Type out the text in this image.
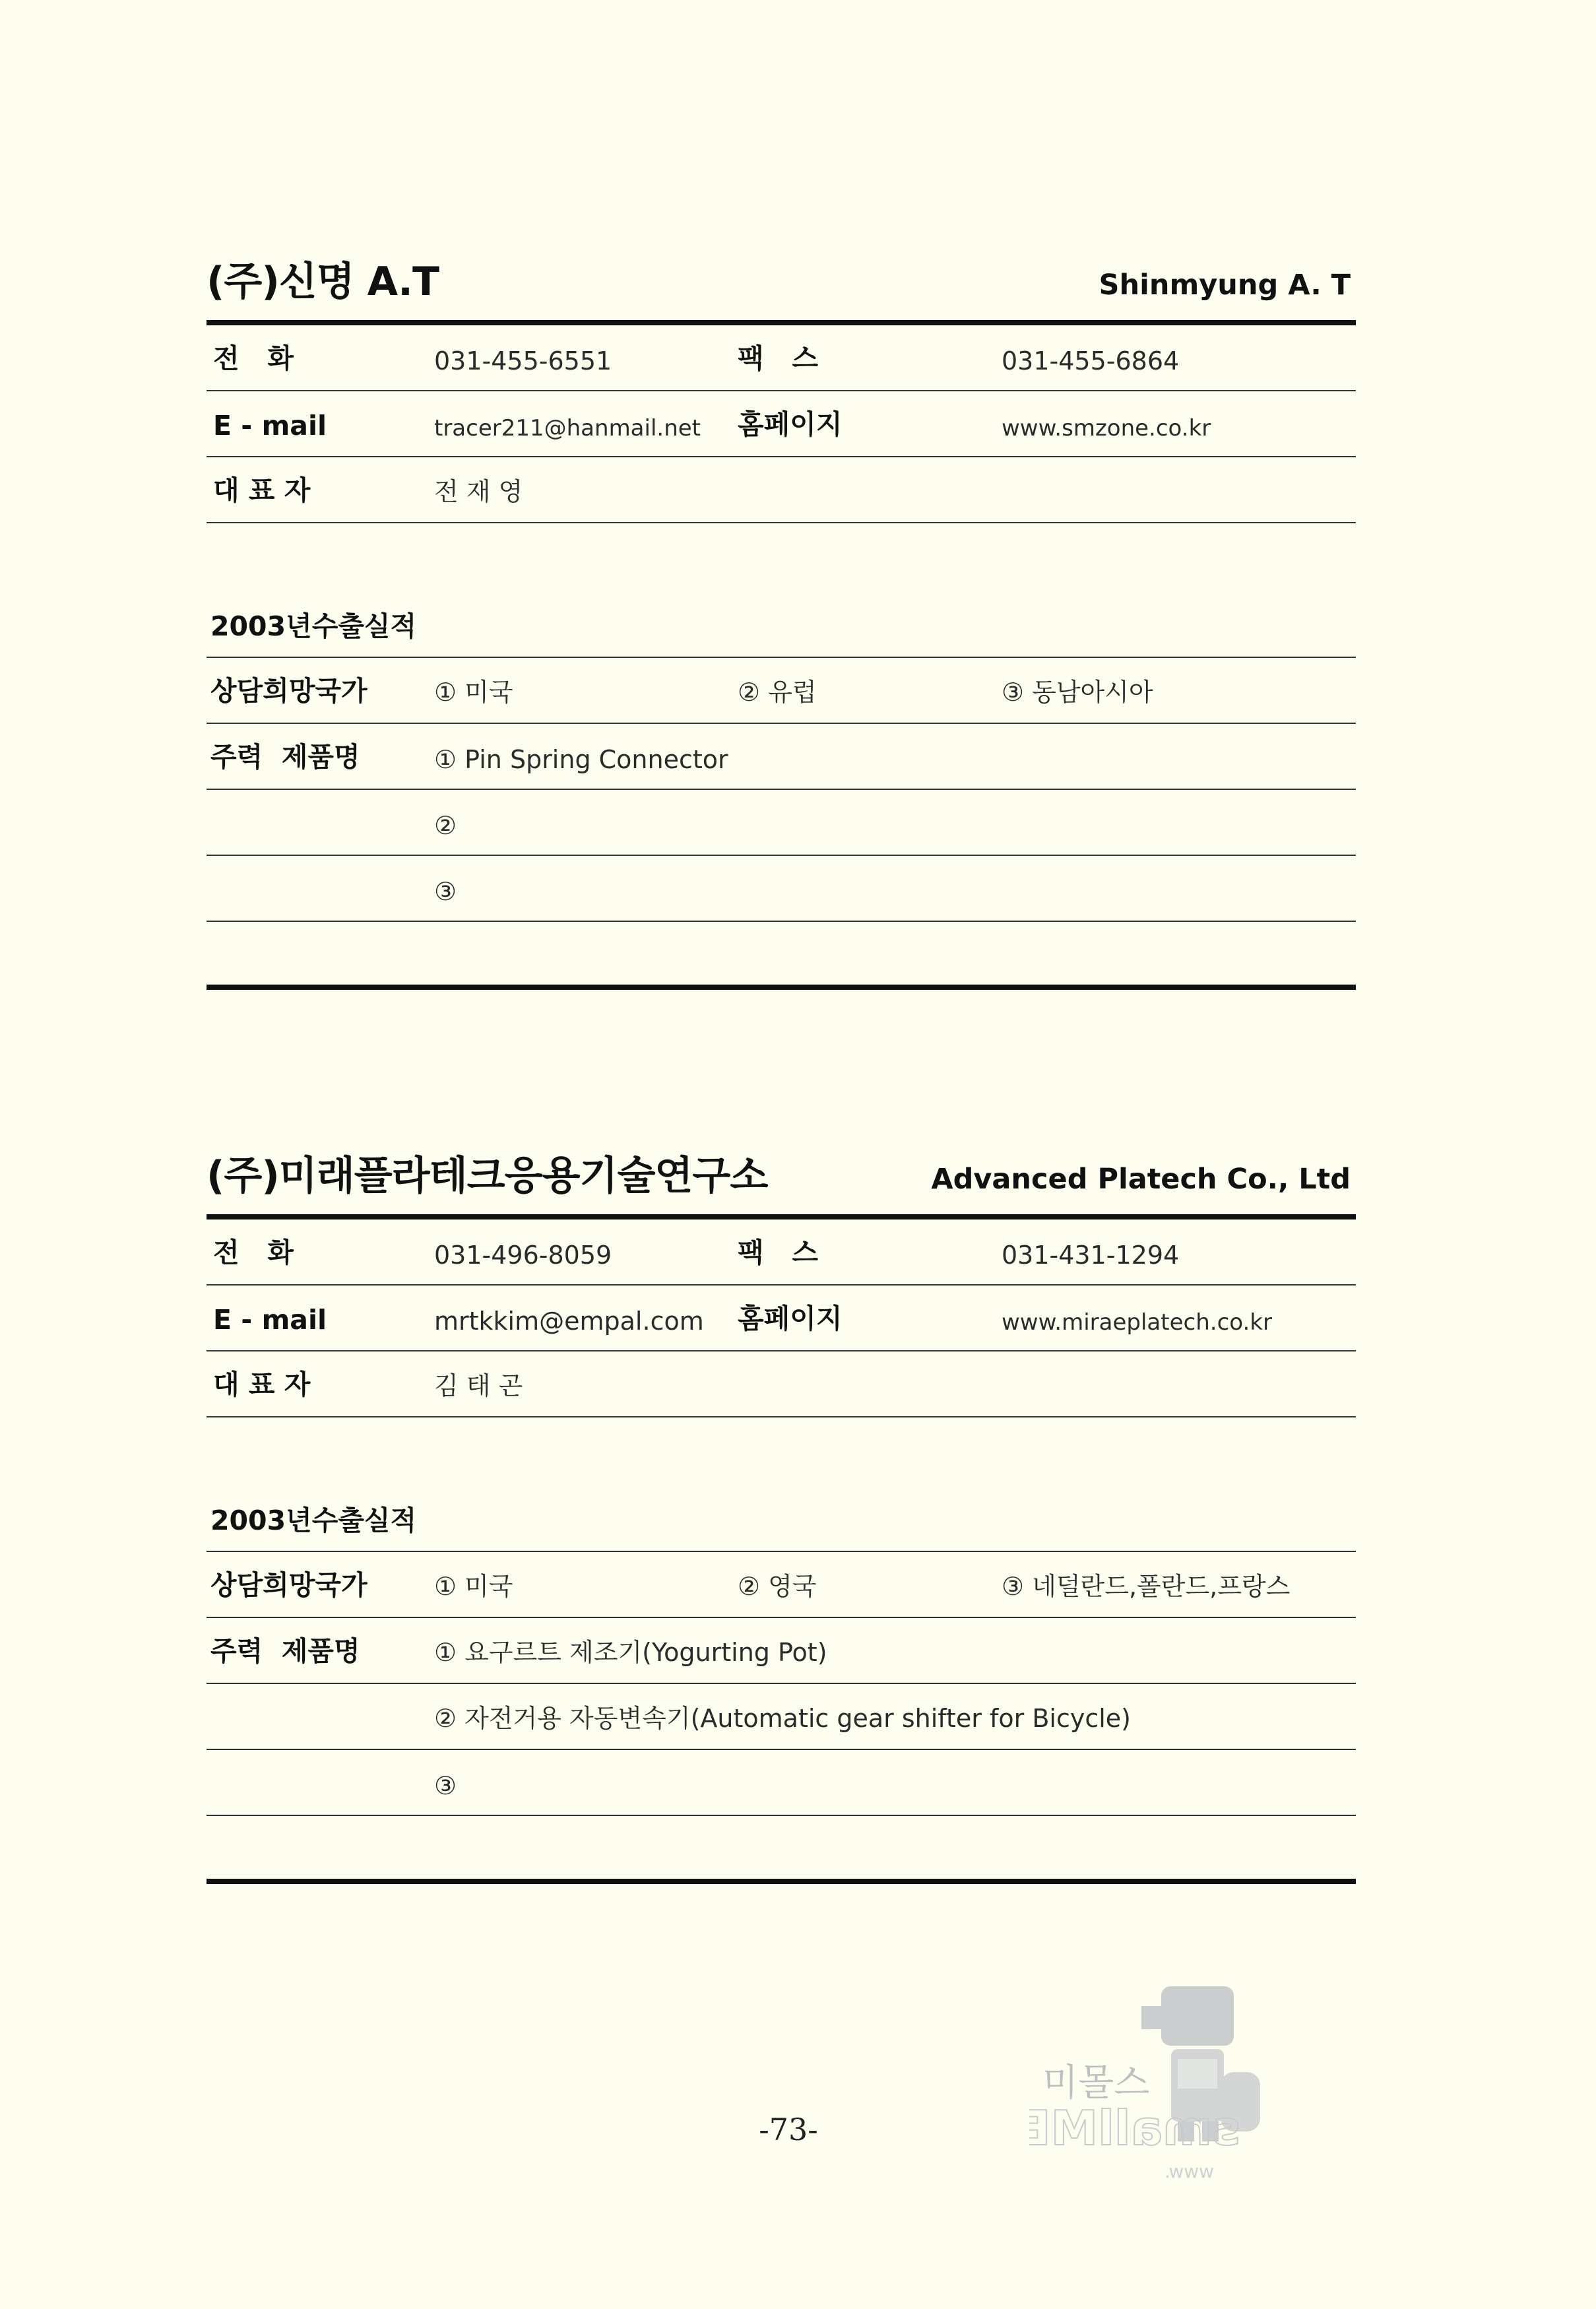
(주)신명 A.T	Shinmyung A. T
전   화	031-455-6551	팩   스	031-455-6864
E - mail	tracer211@hanmail.net 홈페이지	www.smzone.co.kr
대 표 자	전 재 영
2003년수출실적
상담희망국가	① 미국	② 유럽	③ 동남아시아
주력  제품명	① Pin Spring Connector
②
③
(주)미래플라테크응용기술연구소	Advanced Platech Co., Ltd
전   화	031-496-8059	팩   스	031-431-1294
E - mail	mrtkkim@empal.com 홈페이지	www.miraeplatech.co.kr
대 표 자	김 태 곤
2003년수출실적
상담희망국가	① 미국	② 영국	③ 네덜란드,폴란드,프랑스
주력  제품명	① 요구르트 제조기(Yogurting Pot)
② 자전거용 자동변속기(Automatic gear shifter for Bicycle)
③
미몰스
smallME
www.
-73-
